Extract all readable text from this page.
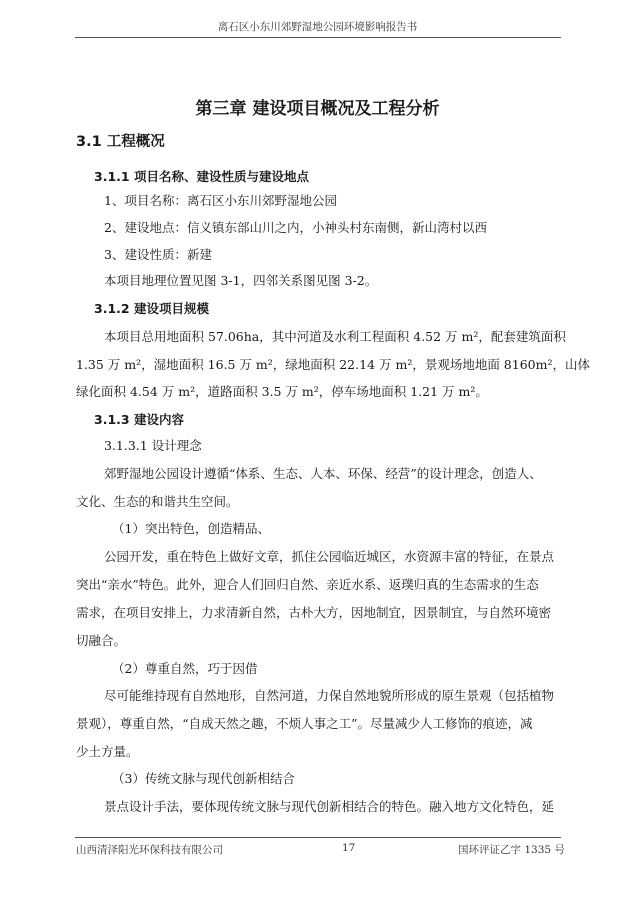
离石区小东川郊野湿地公园环境影响报告书
第三章 建设项目概况及工程分析
3.1 工程概况
3.1.1 项目名称、建设性质与建设地点
1、项目名称：离石区小东川郊野湿地公园
2、建设地点：信义镇东部山川之内，小神头村东南侧，新山湾村以西
3、建设性质：新建
本项目地理位置见图 3-1，四邻关系图见图 3-2。
3.1.2 建设项目规模
本项目总用地面积 57.06ha，其中河道及水利工程面积 4.52 万 m²，配套建筑面积
1.35 万 m²，湿地面积 16.5 万 m²，绿地面积 22.14 万 m²，景观场地地面 8160m²，山体
绿化面积 4.54 万 m²，道路面积 3.5 万 m²，停车场地面积 1.21 万 m²。
3.1.3 建设内容
3.1.3.1 设计理念
郊野湿地公园设计遵循“体系、生态、人本、环保、经营”的设计理念，创造人、
文化、生态的和谐共生空间。
（1）突出特色，创造精品、
公园开发，重在特色上做好文章，抓住公园临近城区，水资源丰富的特征，在景点
突出“亲水”特色。此外，迎合人们回归自然、亲近水系、返璞归真的生态需求的生态
需求，在项目安排上，力求清新自然，古朴大方，因地制宜，因景制宜，与自然环境密
切融合。
（2）尊重自然，巧于因借
尽可能维持现有自然地形，自然河道，力保自然地貌所形成的原生景观（包括植物
景观），尊重自然，“自成天然之趣，不烦人事之工”。尽量减少人工修饰的痕迹，减
少土方量。
（3）传统文脉与现代创新相结合
景点设计手法，要体现传统文脉与现代创新相结合的特色。融入地方文化特色，延
山西清泽阳光环保科技有限公司	17	国环评证乙字 1335 号
